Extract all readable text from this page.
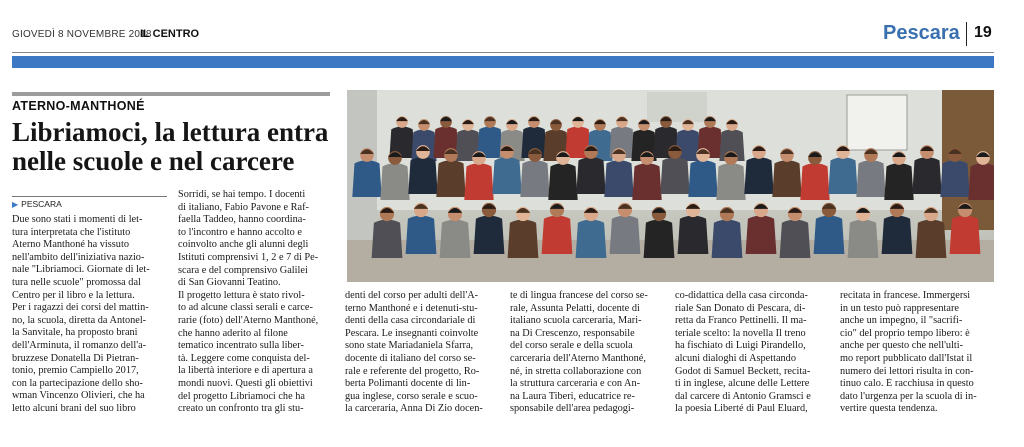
GIOVEDÌ 8 NOVEMBRE 2018
IL CENTRO	Pescara 19
ATERNO-MANTHONÉ
Libriamoci, la lettura entra
nelle scuole e nel carcere
▶ PESCARA
Due sono stati i momenti di let-
tura interpretata che l'istituto
Aterno Manthoné ha vissuto
nell'ambito dell'iniziativa nazio-
nale "Libriamoci. Giornate di let-
tura nelle scuole" promossa dal
Centro per il libro e la lettura.
Per i ragazzi dei corsi del mattin-
no, la scuola, diretta da Antonel-
la Sanvitale, ha proposto brani
dell'Arminuta, il romanzo dell'a-
bruzzese Donatella Di Pietran-
tonio, premio Campiello 2017,
con la partecipazione dello sho-
wman Vincenzo Olivieri, che ha
letto alcuni brani del suo libro
Sorridi, se hai tempo. I docenti
di italiano, Fabio Pavone e Raf-
faella Taddeo, hanno coordina-
to l'incontro e hanno accolto e
coinvolto anche gli alunni degli
Istituti comprensivi 1, 2 e 7 di Pe-
scara e del comprensivo Galilei
di San Giovanni Teatino.
Il progetto lettura è stato rivol-
to ad alcune classi serali e carce-
rarie (foto) dell'Aterno Manthoné,
che hanno aderito al filone
tematico incentrato sulla liber-
tà. Leggere come conquista del-
la libertà interiore e di apertura a
mondi nuovi. Questi gli obiettivi
del progetto Libriamoci che ha
creato un confronto tra gli stu-
denti del corso per adulti dell'A-
terno Manthoné e i detenuti-stu-
denti della casa circondariale di
Pescara. Le insegnanti coinvolte
sono state Mariadaniela Sfarra,
docente di italiano del corso se-
rale e referente del progetto, Ro-
berta Polimanti docente di lin-
gua inglese, corso serale e scuo-
la carceraria, Anna Di Zio docen-
te di lingua francese del corso se-
rale, Assunta Pelatti, docente di
italiano scuola carceraria, Mari-
na Di Crescenzo, responsabile
del corso serale e della scuola
carceraria dell'Aterno Manthoné,
né, in stretta collaborazione con
la struttura carceraria e con An-
na Laura Tiberi, educatrice re-
sponsabile dell'area pedagogi-
co-didattica della casa circonda-
riale San Donato di Pescara, di-
retta da Franco Pettinelli. Il ma-
teriale scelto: la novella Il treno
ha fischiato di Luigi Pirandello,
alcuni dialoghi di Aspettando
Godot di Samuel Beckett, recita-
ti in inglese, alcune delle Lettere
dal carcere di Antonio Gramsci e
la poesia Liberté di Paul Eluard,
recitata in francese. Immergersi
in un testo può rappresentare
anche un impegno, il "sacrifi-
cio" del proprio tempo libero: è
anche per questo che nell'ulti-
mo report pubblicato dall'Istat il
numero dei lettori risulta in con-
tinuo calo. È racchiusa in questo
dato l'urgenza per la scuola di in-
vertire questa tendenza.
